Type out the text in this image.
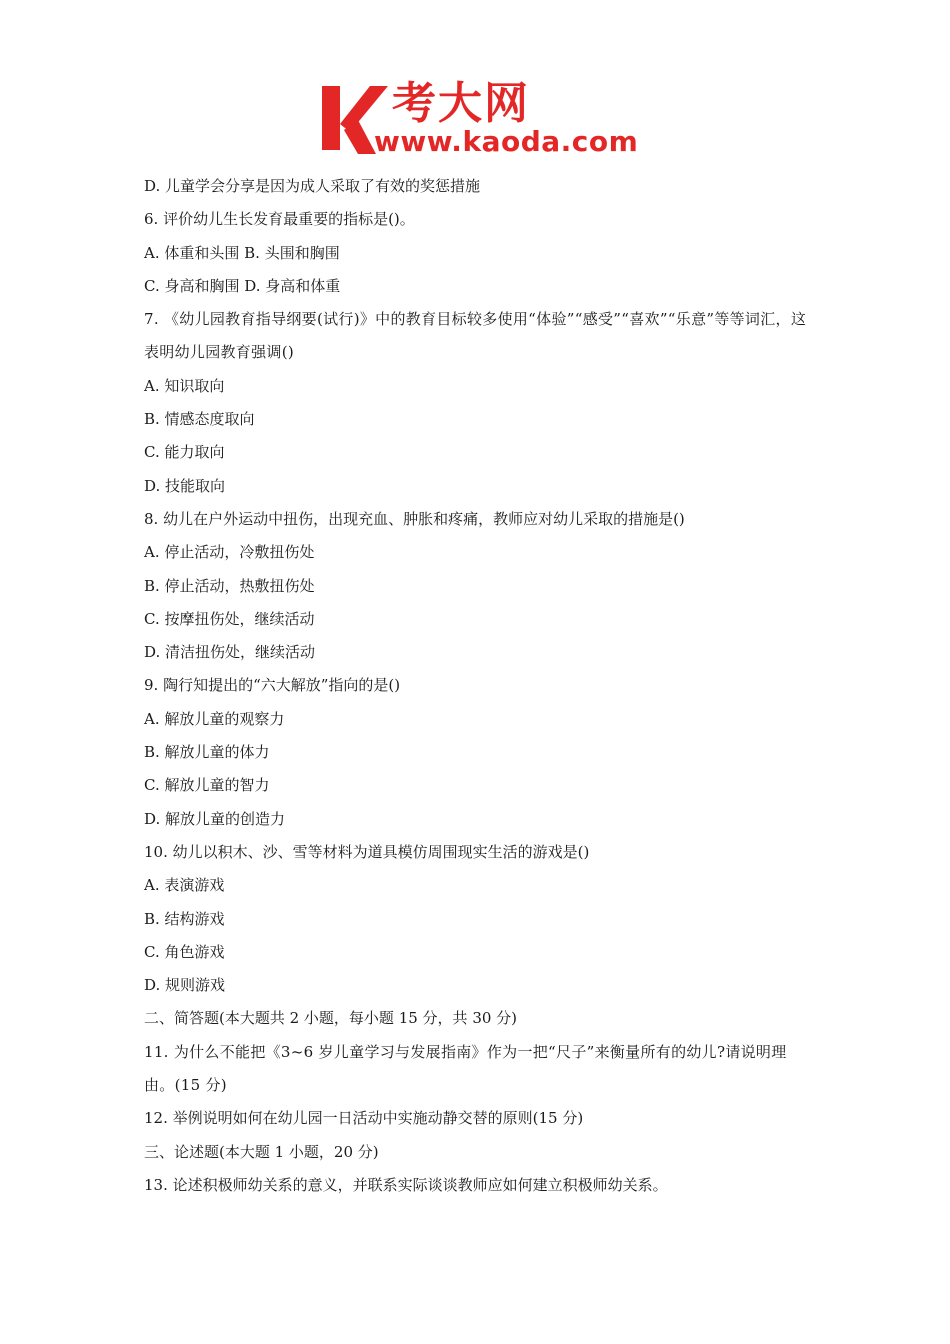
考大网
www.kaoda.com

D. 儿童学会分享是因为成人采取了有效的奖惩措施

6. 评价幼儿生长发育最重要的指标是()。

A. 体重和头围 B. 头围和胸围

C. 身高和胸围 D. 身高和体重

7. 《幼儿园教育指导纲要(试行)》中的教育目标较多使用“体验”“感受”“喜欢”“乐意”等等词汇，这表明幼儿园教育强调()

A. 知识取向

B. 情感态度取向

C. 能力取向

D. 技能取向

8. 幼儿在户外运动中扭伤，出现充血、肿胀和疼痛，教师应对幼儿采取的措施是()

A. 停止活动，冷敷扭伤处

B. 停止活动，热敷扭伤处

C. 按摩扭伤处，继续活动

D. 清洁扭伤处，继续活动

9. 陶行知提出的“六大解放”指向的是()

A. 解放儿童的观察力

B. 解放儿童的体力

C. 解放儿童的智力

D. 解放儿童的创造力

10. 幼儿以积木、沙、雪等材料为道具模仿周围现实生活的游戏是()

A. 表演游戏

B. 结构游戏

C. 角色游戏

D. 规则游戏

二、简答题(本大题共 2 小题，每小题 15 分，共 30 分)

11. 为什么不能把《3~6 岁儿童学习与发展指南》作为一把“尺子”来衡量所有的幼儿?请说明理由。(15 分)

12. 举例说明如何在幼儿园一日活动中实施动静交替的原则(15 分)

三、论述题(本大题 1 小题，20 分)

13. 论述积极师幼关系的意义，并联系实际谈谈教师应如何建立积极师幼关系。
